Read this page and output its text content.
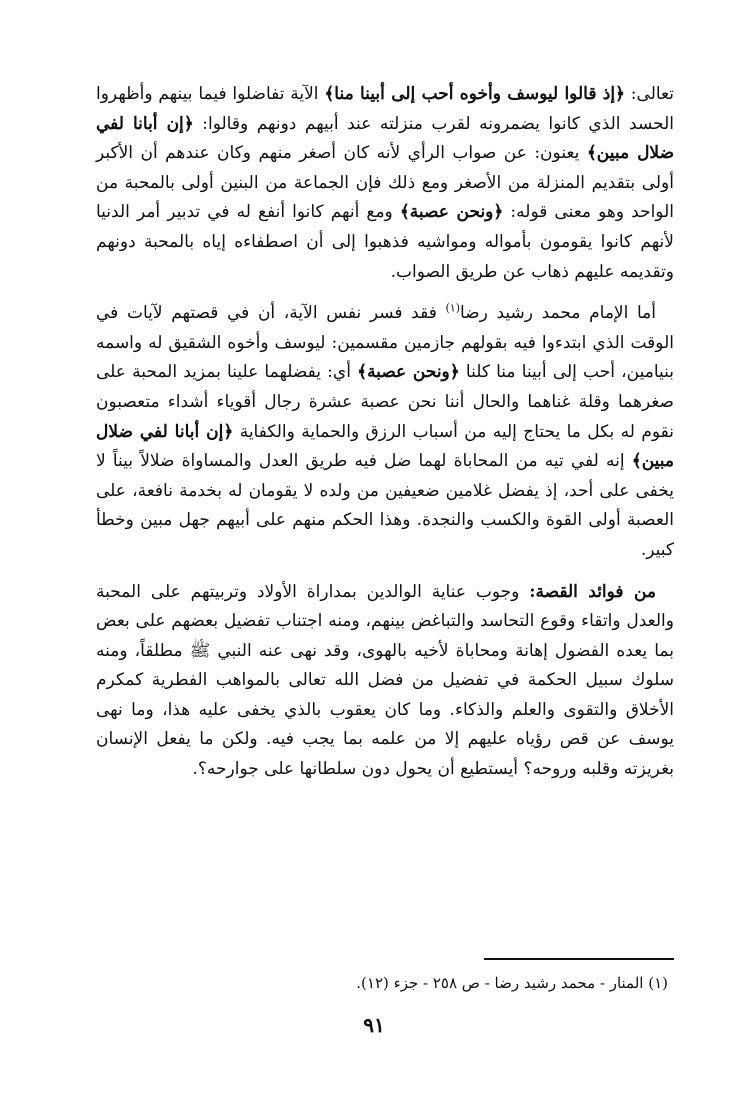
تعالى: ﴿إذ قالوا ليوسف وأخوه أحب إلى أبينا منا﴾ الآية تفاضلوا فيما بينهم وأظهروا الحسد الذي كانوا يضمرونه لقرب منزلته عند أبيهم دونهم وقالوا: ﴿إن أبانا لفي ضلال مبين﴾ يعنون: عن صواب الرأي لأنه كان أصغر منهم وكان عندهم أن الأكبر أولى بتقديم المنزلة من الأصغر ومع ذلك فإن الجماعة من البنين أولى بالمحبة من الواحد وهو معنى قوله: ﴿ونحن عصبة﴾ ومع أنهم كانوا أنفع له في تدبير أمر الدنيا لأنهم كانوا يقومون بأمواله ومواشيه فذهبوا إلى أن اصطفاءه إياه بالمحبة دونهم وتقديمه عليهم ذهاب عن طريق الصواب.

أما الإمام محمد رشيد رضا$^{(١)}$ فقد فسر نفس الآية، أن في قصتهم لآيات في الوقت الذي ابتدءوا فيه بقولهم جازمين مقسمين: ليوسف وأخوه الشقيق له واسمه بنيامين، أحب إلى أبينا منا كلنا ﴿ونحن عصبة﴾ أي: يفضلهما علينا بمزيد المحبة على صغرهما وقلة غناهما والحال أننا نحن عصبة عشرة رجال أقوياء أشداء متعصبون نقوم له بكل ما يحتاج إليه من أسباب الرزق والحماية والكفاية ﴿إن أبانا لفي ضلال مبين﴾ إنه لفي تيه من المحاباة لهما ضل فيه طريق العدل والمساواة ضلالاً بيناً لا يخفى على أحد، إذ يفضل غلامين ضعيفين من ولده لا يقومان له بخدمة نافعة، على العصبة أولى القوة والكسب والنجدة. وهذا الحكم منهم على أبيهم جهل مبين وخطأ كبير.

من فوائد القصة: وجوب عناية الوالدين بمداراة الأولاد وتربيتهم على المحبة والعدل واتقاء وقوع التحاسد والتباغض بينهم، ومنه اجتناب تفضيل بعضهم على بعض بما يعده الفضول إهانة ومحاباة لأخيه بالهوى، وقد نهى عنه النبي ﷺ مطلقاً، ومنه سلوك سبيل الحكمة في تفضيل من فضل الله تعالى بالمواهب الفطرية كمكرم الأخلاق والتقوى والعلم والذكاء. وما كان يعقوب بالذي يخفى عليه هذا، وما نهى يوسف عن قص رؤياه عليهم إلا من علمه بما يجب فيه. ولكن ما يفعل الإنسان بغريزته وقلبه وروحه؟ أيستطيع أن يحول دون سلطانها على جوارحه؟.

(١) المنار - محمد رشيد رضا - ص ٢٥٨ - جزء (١٢).
٩١
